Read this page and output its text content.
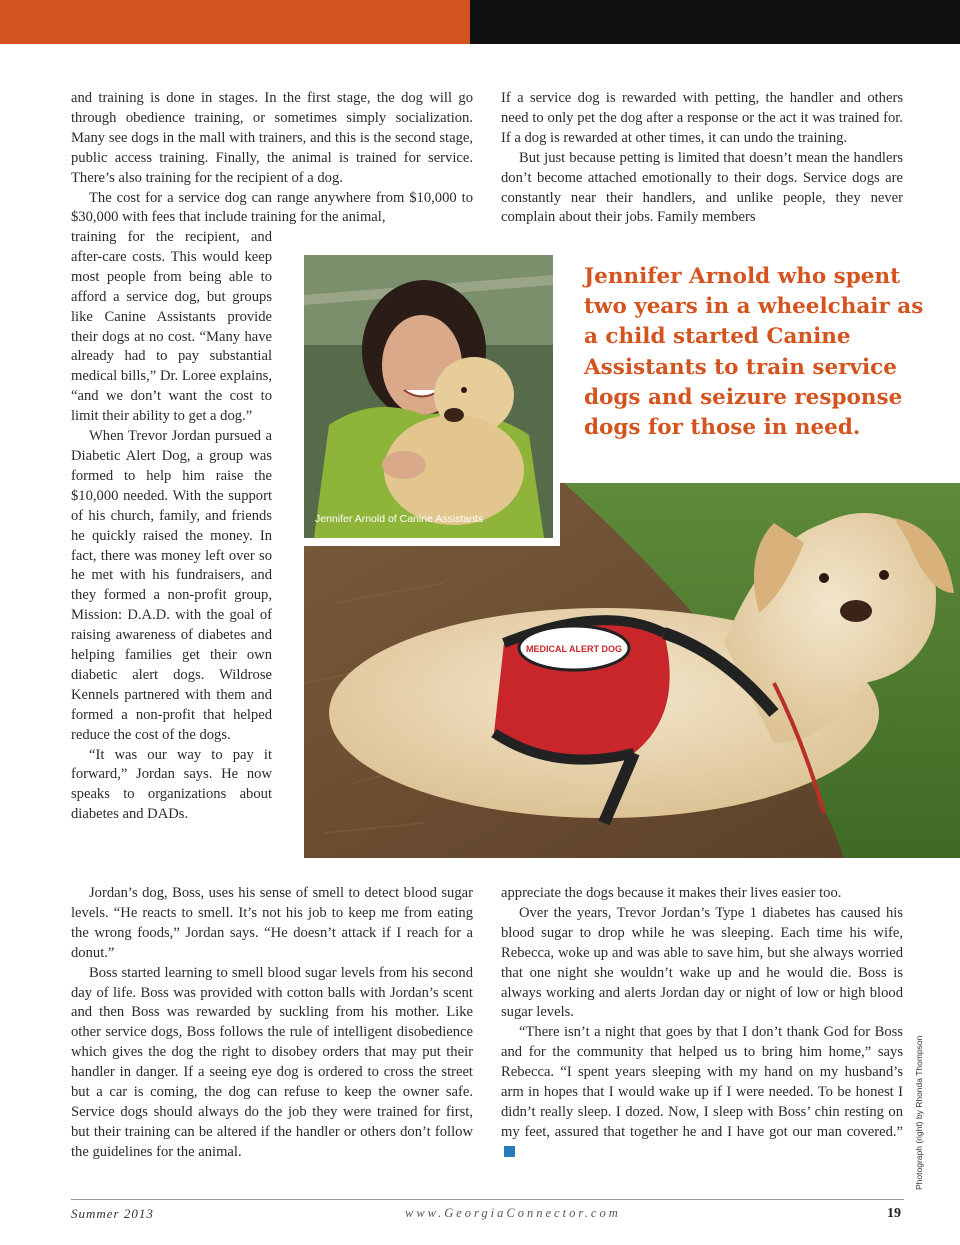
and training is done in stages. In the first stage, the dog will go through obedience training, or sometimes simply socialization. Many see dogs in the mall with trainers, and this is the second stage, public access training. Finally, the animal is trained for service. There’s also training for the recipient of a dog.

The cost for a service dog can range anywhere from $10,000 to $30,000 with fees that include training for the animal,

training for the recipient, and after-care costs. This would keep most people from being able to afford a service dog, but groups like Canine Assistants provide their dogs at no cost. “Many have already had to pay substantial medical bills,” Dr. Loree explains, “and we don’t want the cost to limit their ability to get a dog.”

When Trevor Jordan pursued a Diabetic Alert Dog, a group was formed to help him raise the $10,000 needed. With the support of his church, family, and friends he quickly raised the money. In fact, there was money left over so he met with his fundraisers, and they formed a non-profit group, Mission: D.A.D. with the goal of raising awareness of diabetes and helping families get their own diabetic alert dogs. Wildrose Kennels partnered with them and formed a non-profit that helped reduce the cost of the dogs.

“It was our way to pay it forward,” Jordan says. He now speaks to organizations about diabetes and DADs.

Jordan’s dog, Boss, uses his sense of smell to detect blood sugar levels. “He reacts to smell. It’s not his job to keep me from eating the wrong foods,” Jordan says. “He doesn’t attack if I reach for a donut.”

Boss started learning to smell blood sugar levels from his second day of life. Boss was provided with cotton balls with Jordan’s scent and then Boss was rewarded by suckling from his mother. Like other service dogs, Boss follows the rule of intelligent disobedience which gives the dog the right to disobey orders that may put their handler in danger. If a seeing eye dog is ordered to cross the street but a car is coming, the dog can refuse to keep the owner safe. Service dogs should always do the job they were trained for first, but their training can be altered if the handler or others don’t follow the guidelines for the animal.

If a service dog is rewarded with petting, the handler and others need to only pet the dog after a response or the act it was trained for. If a dog is rewarded at other times, it can undo the training.

But just because petting is limited that doesn’t mean the handlers don’t become attached emotionally to their dogs. Service dogs are constantly near their handlers, and unlike people, they never complain about their jobs. Family members

appreciate the dogs because it makes their lives easier too.

Over the years, Trevor Jordan’s Type 1 diabetes has caused his blood sugar to drop while he was sleeping. Each time his wife, Rebecca, woke up and was able to save him, but she always worried that one night she wouldn’t wake up and he would die. Boss is always working and alerts Jordan day or night of low or high blood sugar levels.

“There isn’t a night that goes by that I don’t thank God for Boss and for the community that helped us to bring him home,” says Rebecca. “I spent years sleeping with my hand on my husband’s arm in hopes that I would wake up if I were needed. To be honest I didn’t really sleep. I dozed. Now, I sleep with Boss’ chin resting on my feet, assured that together he and I have got our man covered.”

MEDICAL ALERT DOG
Jennifer Arnold of Canine Assistants
Jennifer Arnold who spent two years in a wheelchair as a child started Canine Assistants to train service dogs and seizure response dogs for those in need.
Photograph (right) by Rhonda Thompson
Summer 2013	www.GeorgiaConnector.com	19
